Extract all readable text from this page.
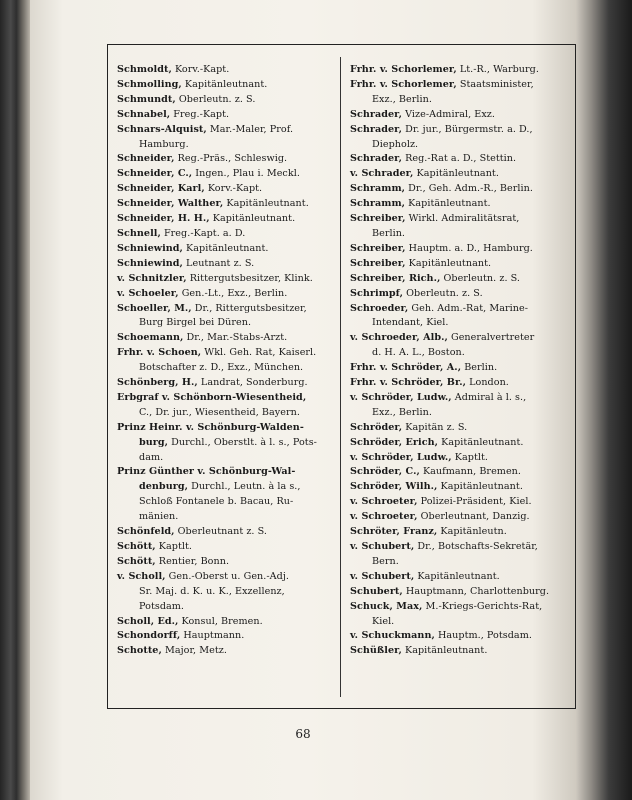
Schmoldt, Korv.-Kapt.
Schmolling, Kapitänleutnant.
Schmundt, Oberleutn. z. S.
Schnabel, Freg.-Kapt.
Schnars-Alquist, Mar.-Maler, Prof.
Hamburg.
Schneider, Reg.-Präs., Schleswig.
Schneider, C., Ingen., Plau i. Meckl.
Schneider, Karl, Korv.-Kapt.
Schneider, Walther, Kapitänleutnant.
Schneider, H. H., Kapitänleutnant.
Schnell, Freg.-Kapt. a. D.
Schniewind, Kapitänleutnant.
Schniewind, Leutnant z. S.
v. Schnitzler, Rittergutsbesitzer, Klink.
v. Schoeler, Gen.-Lt., Exz., Berlin.
Schoeller, M., Dr., Rittergutsbesitzer,
Burg Birgel bei Düren.
Schoemann, Dr., Mar.-Stabs-Arzt.
Frhr. v. Schoen, Wkl. Geh. Rat, Kaiserl.
Botschafter z. D., Exz., München.
Schönberg, H., Landrat, Sonderburg.
Erbgraf v. Schönborn-Wiesentheid,
C., Dr. jur., Wiesentheid, Bayern.
Prinz Heinr. v. Schönburg-Walden-
burg, Durchl., Oberstlt. à l. s., Pots-
dam.
Prinz Günther v. Schönburg-Wal-
denburg, Durchl., Leutn. à la s.,
Schloß Fontanele b. Bacau, Ru-
mänien.
Schönfeld, Oberleutnant z. S.
Schött, Kaptlt.
Schött, Rentier, Bonn.
v. Scholl, Gen.-Oberst u. Gen.-Adj.
Sr. Maj. d. K. u. K., Exzellenz,
Potsdam.
Scholl, Ed., Konsul, Bremen.
Schondorff, Hauptmann.
Schotte, Major, Metz.
Frhr. v. Schorlemer, Lt.-R., Warburg.
Frhr. v. Schorlemer, Staatsminister,
Exz., Berlin.
Schrader, Vize-Admiral, Exz.
Schrader, Dr. jur., Bürgermstr. a. D.,
Diepholz.
Schrader, Reg.-Rat a. D., Stettin.
v. Schrader, Kapitänleutnant.
Schramm, Dr., Geh. Adm.-R., Berlin.
Schramm, Kapitänleutnant.
Schreiber, Wirkl. Admiralitätsrat,
Berlin.
Schreiber, Hauptm. a. D., Hamburg.
Schreiber, Kapitänleutnant.
Schreiber, Rich., Oberleutn. z. S.
Schrimpf, Oberleutn. z. S.
Schroeder, Geh. Adm.-Rat, Marine-
Intendant, Kiel.
v. Schroeder, Alb., Generalvertreter
d. H. A. L., Boston.
Frhr. v. Schröder, A., Berlin.
Frhr. v. Schröder, Br., London.
v. Schröder, Ludw., Admiral à l. s.,
Exz., Berlin.
Schröder, Kapitän z. S.
Schröder, Erich, Kapitänleutnant.
v. Schröder, Ludw., Kaptlt.
Schröder, C., Kaufmann, Bremen.
Schröder, Wilh., Kapitänleutnant.
v. Schroeter, Polizei-Präsident, Kiel.
v. Schroeter, Oberleutnant, Danzig.
Schröter, Franz, Kapitänleutn.
v. Schubert, Dr., Botschafts-Sekretär,
Bern.
v. Schubert, Kapitänleutnant.
Schubert, Hauptmann, Charlottenburg.
Schuck, Max, M.-Kriegs-Gerichts-Rat,
Kiel.
v. Schuckmann, Hauptm., Potsdam.
Schüßler, Kapitänleutnant.
68
